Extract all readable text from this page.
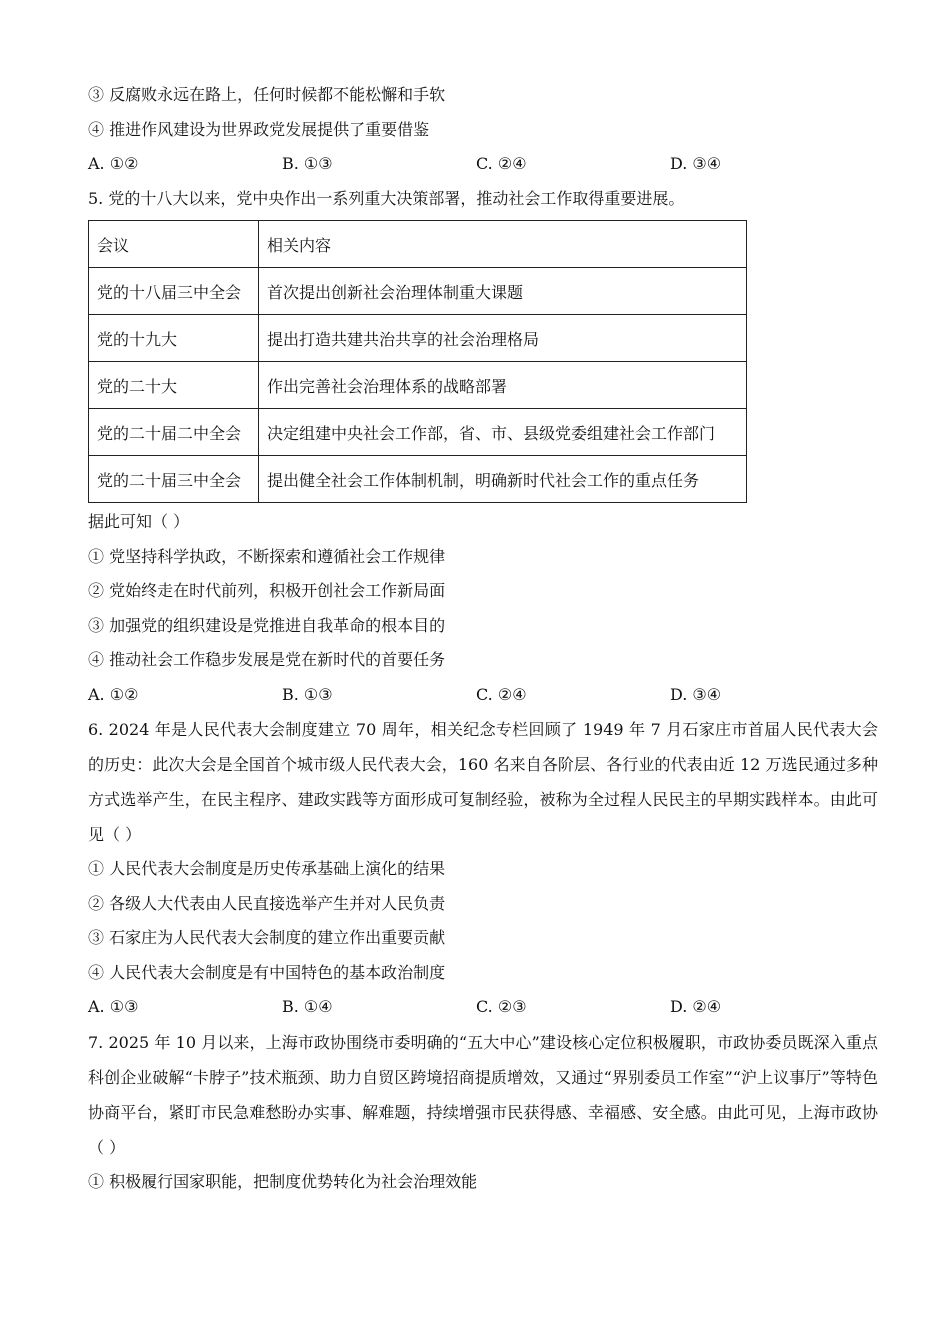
③ 反腐败永远在路上，任何时候都不能松懈和手软
④ 推进作风建设为世界政党发展提供了重要借鉴
A. ①②	B. ①③	C. ②④	D. ③④
5. 党的十八大以来，党中央作出一系列重大决策部署，推动社会工作取得重要进展。
会议	相关内容
党的十八届三中全会	首次提出创新社会治理体制重大课题
党的十九大	提出打造共建共治共享的社会治理格局
党的二十大	作出完善社会治理体系的战略部署
党的二十届二中全会	决定组建中央社会工作部，省、市、县级党委组建社会工作部门
党的二十届三中全会	提出健全社会工作体制机制，明确新时代社会工作的重点任务
据此可知（ ）
① 党坚持科学执政，不断探索和遵循社会工作规律
② 党始终走在时代前列，积极开创社会工作新局面
③ 加强党的组织建设是党推进自我革命的根本目的
④ 推动社会工作稳步发展是党在新时代的首要任务
A. ①②	B. ①③	C. ②④	D. ③④
6. 2024 年是人民代表大会制度建立 70 周年，相关纪念专栏回顾了 1949 年 7 月石家庄市首届人民代表大会的历史：此次大会是全国首个城市级人民代表大会，160 名来自各阶层、各行业的代表由近 12 万选民通过多种方式选举产生，在民主程序、建政实践等方面形成可复制经验，被称为全过程人民民主的早期实践样本。由此可见（ ）
① 人民代表大会制度是历史传承基础上演化的结果
② 各级人大代表由人民直接选举产生并对人民负责
③ 石家庄为人民代表大会制度的建立作出重要贡献
④ 人民代表大会制度是有中国特色的基本政治制度
A. ①③	B. ①④	C. ②③	D. ②④
7. 2025 年 10 月以来，上海市政协围绕市委明确的“五大中心”建设核心定位积极履职，市政协委员既深入重点科创企业破解“卡脖子”技术瓶颈、助力自贸区跨境招商提质增效，又通过“界别委员工作室”“沪上议事厅”等特色协商平台，紧盯市民急难愁盼办实事、解难题，持续增强市民获得感、幸福感、安全感。由此可见，上海市政协（ ）
① 积极履行国家职能，把制度优势转化为社会治理效能
